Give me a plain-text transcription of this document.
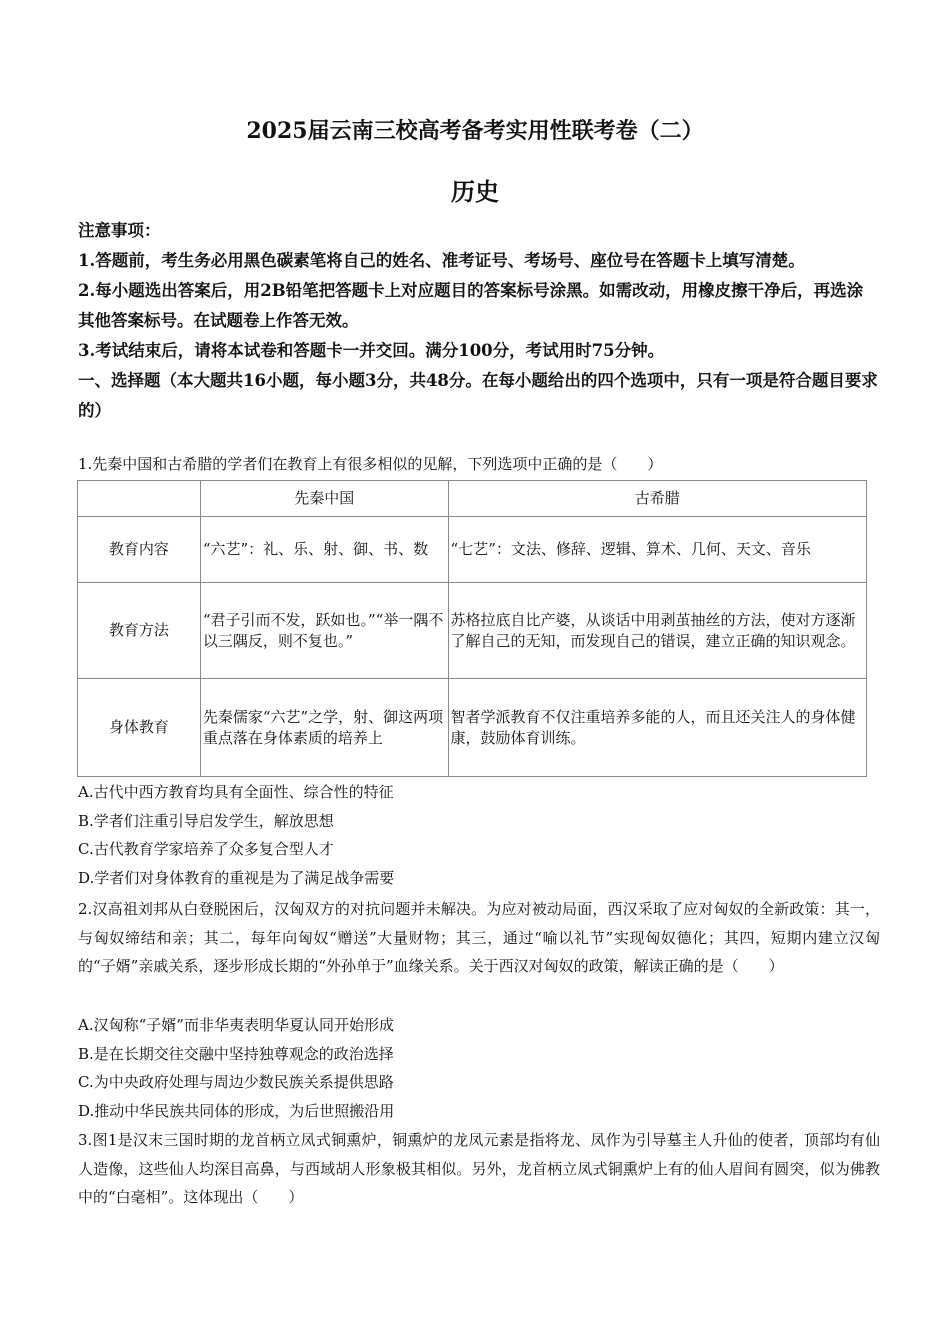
2025届云南三校高考备考实用性联考卷（二）
历史

注意事项：

1.答题前，考生务必用黑色碳素笔将自己的姓名、准考证号、考场号、座位号在答题卡上填写清楚。

2.每小题选出答案后，用2B铅笔把答题卡上对应题目的答案标号涂黑。如需改动，用橡皮擦干净后，再选涂其他答案标号。在试题卷上作答无效。

3.考试结束后，请将本试卷和答题卡一并交回。满分100分，考试用时75分钟。

一、选择题（本大题共16小题，每小题3分，共48分。在每小题给出的四个选项中，只有一项是符合题目要求的）

1.先秦中国和古希腊的学者们在教育上有很多相似的见解，下列选项中正确的是（　　）
	先秦中国	古希腊
教育内容	“六艺”：礼、乐、射、御、书、数	“七艺”：文法、修辞、逻辑、算术、几何、天文、音乐
教育方法	“君子引而不发，跃如也。”“举一隅不以三隅反，则不复也。”	苏格拉底自比产婆，从谈话中用剥茧抽丝的方法，使对方逐渐了解自己的无知，而发现自己的错误，建立正确的知识观念。
身体教育	先秦儒家“六艺”之学，射、御这两项重点落在身体素质的培养上	智者学派教育不仅注重培养多能的人，而且还关注人的身体健康，鼓励体育训练。

A.古代中西方教育均具有全面性、综合性的特征

B.学者们注重引导启发学生，解放思想

C.古代教育学家培养了众多复合型人才

D.学者们对身体教育的重视是为了满足战争需要

2.汉高祖刘邦从白登脱困后，汉匈双方的对抗问题并未解决。为应对被动局面，西汉采取了应对匈奴的全新政策：其一，与匈奴缔结和亲；其二，每年向匈奴“赠送”大量财物；其三，通过“喻以礼节”实现匈奴德化；其四，短期内建立汉匈的“子婿”亲戚关系，逐步形成长期的“外孙单于”血缘关系。关于西汉对匈奴的政策，解读正确的是（　　）

A.汉匈称“子婿”而非华夷表明华夏认同开始形成

B.是在长期交往交融中坚持独尊观念的政治选择

C.为中央政府处理与周边少数民族关系提供思路

D.推动中华民族共同体的形成，为后世照搬沿用

3.图1是汉末三国时期的龙首柄立凤式铜熏炉，铜熏炉的龙凤元素是指将龙、凤作为引导墓主人升仙的使者，顶部均有仙人造像，这些仙人均深目高鼻，与西域胡人形象极其相似。另外，龙首柄立凤式铜熏炉上有的仙人眉间有圆突，似为佛教中的“白毫相”。这体现出（　　）
